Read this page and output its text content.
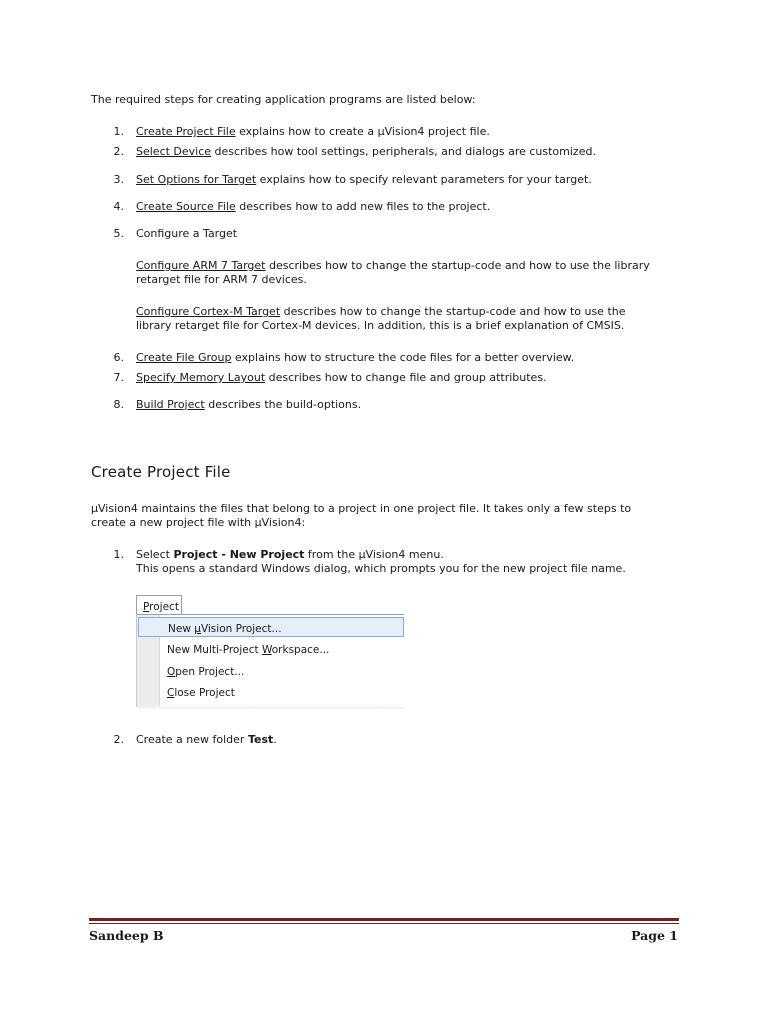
The required steps for creating application programs are listed below:
1. Create Project File explains how to create a µVision4 project file.
2. Select Device describes how tool settings, peripherals, and dialogs are customized.
3. Set Options for Target explains how to specify relevant parameters for your target.
4. Create Source File describes how to add new files to the project.
5. Configure a Target
Configure ARM 7 Target describes how to change the startup-code and how to use the library
retarget file for ARM 7 devices.
Configure Cortex-M Target describes how to change the startup-code and how to use the
library retarget file for Cortex-M devices. In addition, this is a brief explanation of CMSIS.
6. Create File Group explains how to structure the code files for a better overview.
7. Specify Memory Layout describes how to change file and group attributes.
8. Build Project describes the build-options.
Create Project File
µVision4 maintains the files that belong to a project in one project file. It takes only a few steps to
create a new project file with µVision4:
1. Select Project - New Project from the µVision4 menu.
This opens a standard Windows dialog, which prompts you for the new project file name.
Project
New µVision Project...
New Multi-Project Workspace...
Open Project...
Close Project
2. Create a new folder Test.
Sandeep B	Page 1
